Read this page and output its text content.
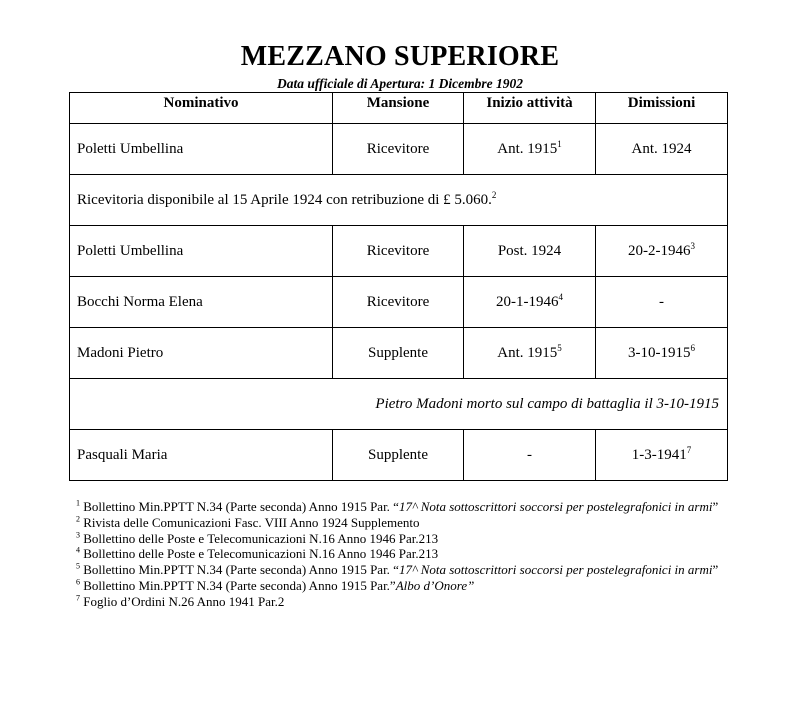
MEZZANO SUPERIORE
Data ufficiale di Apertura: 1 Dicembre 1902
Nominativo	Mansione	Inizio attività	Dimissioni
Poletti Umbellina	Ricevitore	Ant. 1915$^1$	Ant. 1924
Ricevitoria disponibile al 15 Aprile 1924 con retribuzione di £ 5.060.$^2$
Poletti Umbellina	Ricevitore	Post. 1924	20-2-1946$^3$
Bocchi Norma Elena	Ricevitore	20-1-1946$^4$	-
Madoni Pietro	Supplente	Ant. 1915$^5$	3-10-1915$^6$
Pietro Madoni morto sul campo di battaglia il 3-10-1915			
Pasquali Maria	Supplente	-	1-3-1941$^7$

$^1$ Bollettino Min.PPTT N.34 (Parte seconda) Anno 1915 Par. “17^ Nota sottoscrittori soccorsi per postelegrafonici in armi”

$^2$ Rivista delle Comunicazioni Fasc. VIII Anno 1924 Supplemento

$^3$ Bollettino delle Poste e Telecomunicazioni N.16 Anno 1946 Par.213

$^4$ Bollettino delle Poste e Telecomunicazioni N.16 Anno 1946 Par.213

$^5$ Bollettino Min.PPTT N.34 (Parte seconda) Anno 1915 Par. “17^ Nota sottoscrittori soccorsi per postelegrafonici in armi”

$^6$ Bollettino Min.PPTT N.34 (Parte seconda) Anno 1915 Par.”Albo d’Onore”

$^7$ Foglio d’Ordini N.26 Anno 1941 Par.2
